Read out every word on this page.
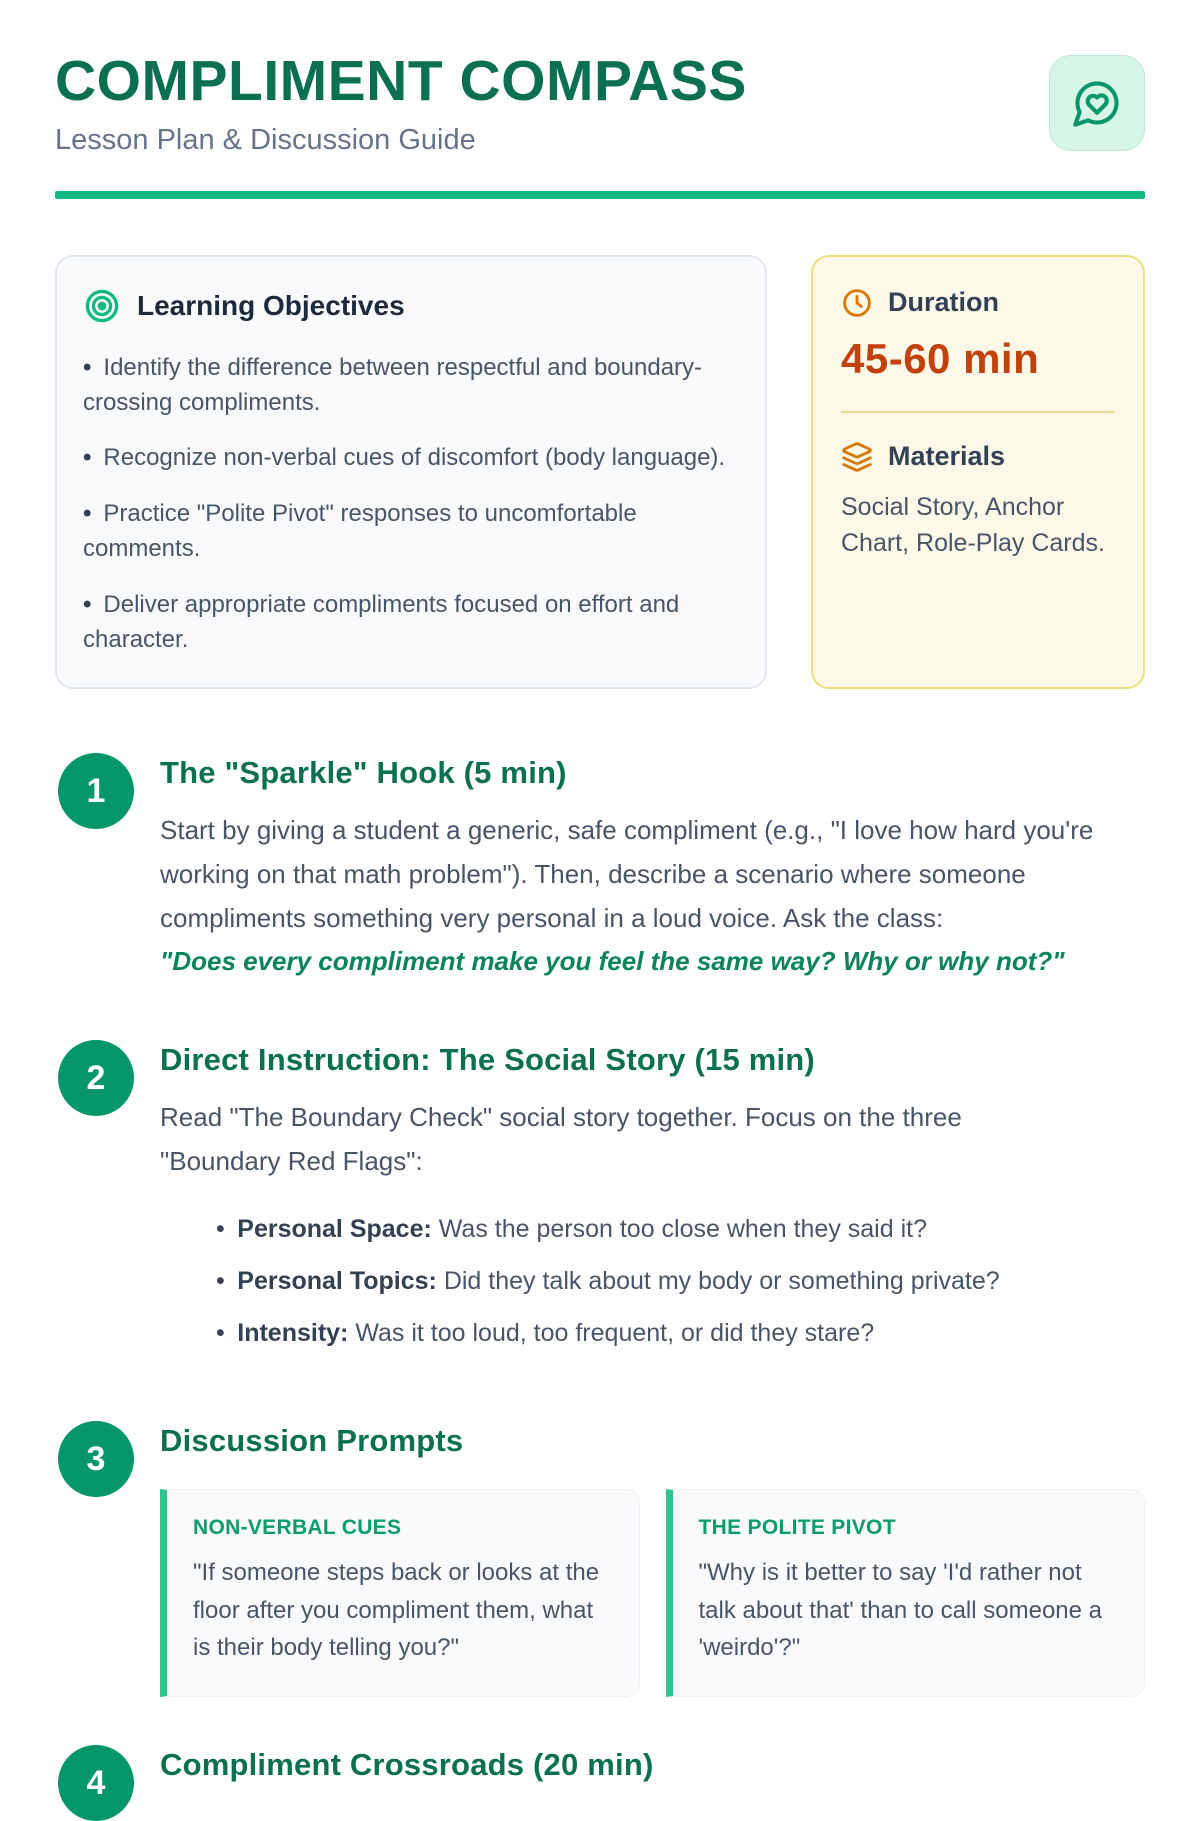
COMPLIMENT COMPASS
Lesson Plan & Discussion Guide
Learning Objectives
• Identify the difference between respectful and boundary-crossing compliments.
• Recognize non-verbal cues of discomfort (body language).
• Practice "Polite Pivot" responses to uncomfortable comments.
• Deliver appropriate compliments focused on effort and character.
Duration
45-60 min
Materials
Social Story, Anchor Chart, Role-Play Cards.
1	The "Sparkle" Hook (5 min)
Start by giving a student a generic, safe compliment (e.g., "I love how hard you're working on that math problem"). Then, describe a scenario where someone compliments something very personal in a loud voice. Ask the class:
"Does every compliment make you feel the same way? Why or why not?"
2	Direct Instruction: The Social Story (15 min)
Read "The Boundary Check" social story together. Focus on the three "Boundary Red Flags":
• Personal Space: Was the person too close when they said it?
• Personal Topics: Did they talk about my body or something private?
• Intensity: Was it too loud, too frequent, or did they stare?
3	Discussion Prompts
NON-VERBAL CUES
"If someone steps back or looks at the floor after you compliment them, what is their body telling you?"
THE POLITE PIVOT
"Why is it better to say 'I'd rather not talk about that' than to call someone a 'weirdo'?"
4	Compliment Crossroads (20 min)
